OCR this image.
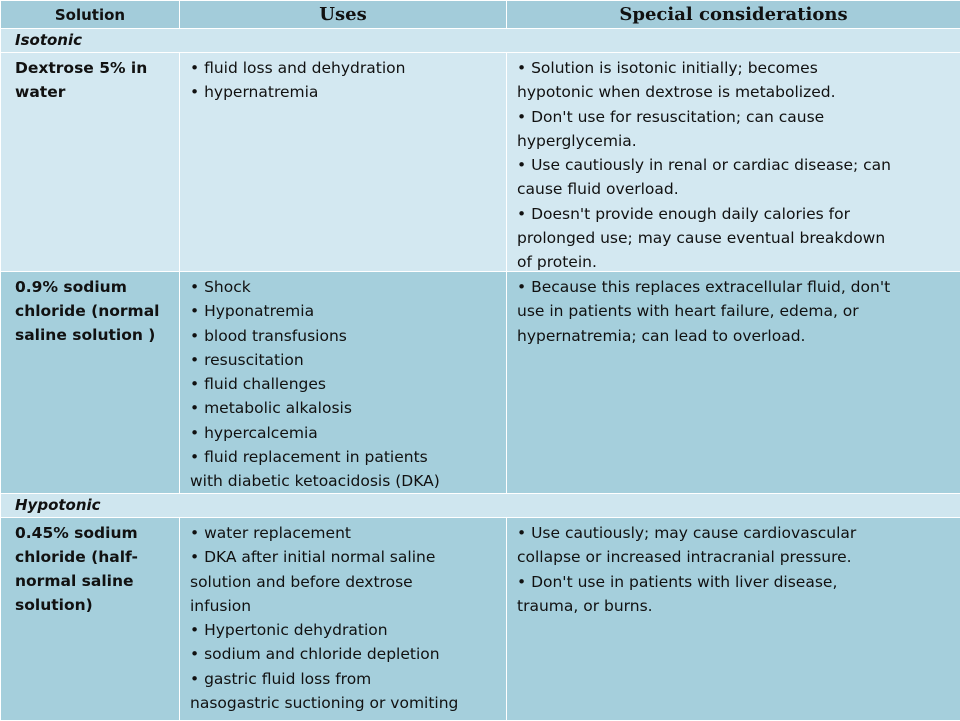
Solution	Uses	Special considerations
Isotonic
Dextrose 5% in
water
• fluid loss and dehydration
• hypernatremia
• Solution is isotonic initially; becomes
hypotonic when dextrose is metabolized.
• Don't use for resuscitation; can cause
hyperglycemia.
• Use cautiously in renal or cardiac disease; can
cause fluid overload.
• Doesn't provide enough daily calories for
prolonged use; may cause eventual breakdown
of protein.
0.9% sodium
chloride (normal
saline solution )
• Shock
• Hyponatremia
• blood transfusions
• resuscitation
• fluid challenges
• metabolic alkalosis
• hypercalcemia
• fluid replacement in patients
with diabetic ketoacidosis (DKA)
• Because this replaces extracellular fluid, don't
use in patients with heart failure, edema, or
hypernatremia; can lead to overload.
Hypotonic
0.45% sodium
chloride (half-
normal saline
solution)
• water replacement
• DKA after initial normal saline
solution and before dextrose
infusion
• Hypertonic dehydration
• sodium and chloride depletion
• gastric fluid loss from
nasogastric suctioning or vomiting
• Use cautiously; may cause cardiovascular
collapse or increased intracranial pressure.
• Don't use in patients with liver disease,
trauma, or burns.
